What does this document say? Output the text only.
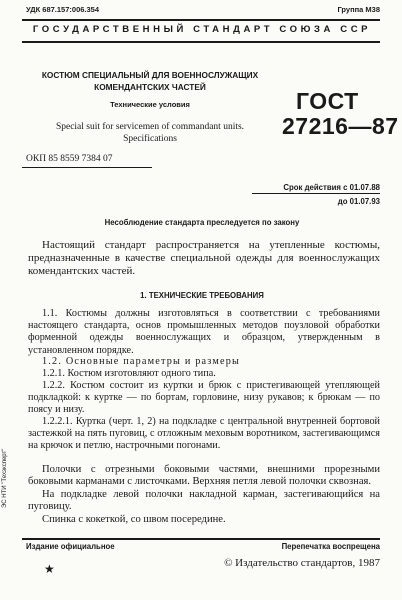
УДК 687.157:006.354	Группа М38
ГОСУДАРСТВЕННЫЙ СТАНДАРТ СОЮЗА ССР
КОСТЮМ СПЕЦИАЛЬНЫЙ ДЛЯ ВОЕННОСЛУЖАЩИХ
КОМЕНДАНТСКИХ ЧАСТЕЙ
Технические условия
Special suit for servicemen of commandant units.
Specifications
ОКП 85 8559 7384 07
ГОСТ
27216—87
Срок действия с 01.07.88
до 01.07.93
Несоблюдение стандарта преследуется по закону

Настоящий стандарт распространяется на утепленные костюмы, предназначенные в качестве специальной одежды для военнослужащих комендантских частей.

1. ТЕХНИЧЕСКИЕ ТРЕБОВАНИЯ

1.1. Костюмы должны изготовляться в соответствии с требованиями настоящего стандарта, основ промышленных методов поузловой обработки форменной одежды военнослужащих и образцом, утвержденным в установленном порядке.

1.2. Основные параметры и размеры

1.2.1. Костюм изготовляют одного типа.

1.2.2. Костюм состоит из куртки и брюк с пристегивающей утепляющей подкладкой: к куртке — по бортам, горловине, низу рукавов; к брюкам — по поясу и низу.

1.2.2.1. Куртка (черт. 1, 2) на подкладке с центральной внутренней бортовой застежкой на пять пуговиц, с отложным меховым воротником, застегивающимся на крючок и петлю, настрочными погонами.

Полочки с отрезными боковыми частями, внешними прорезными боковыми карманами с листочками. Верхняя петля левой полочки сквозная.

На подкладке левой полочки накладной карман, застегивающийся на пуговицу.

Спинка с кокеткой, со швом посередине.

Издание официальное	Перепечатка воспрещена
© Издательство стандартов, 1987
★
ЭС НТИ "Техэксперт"
